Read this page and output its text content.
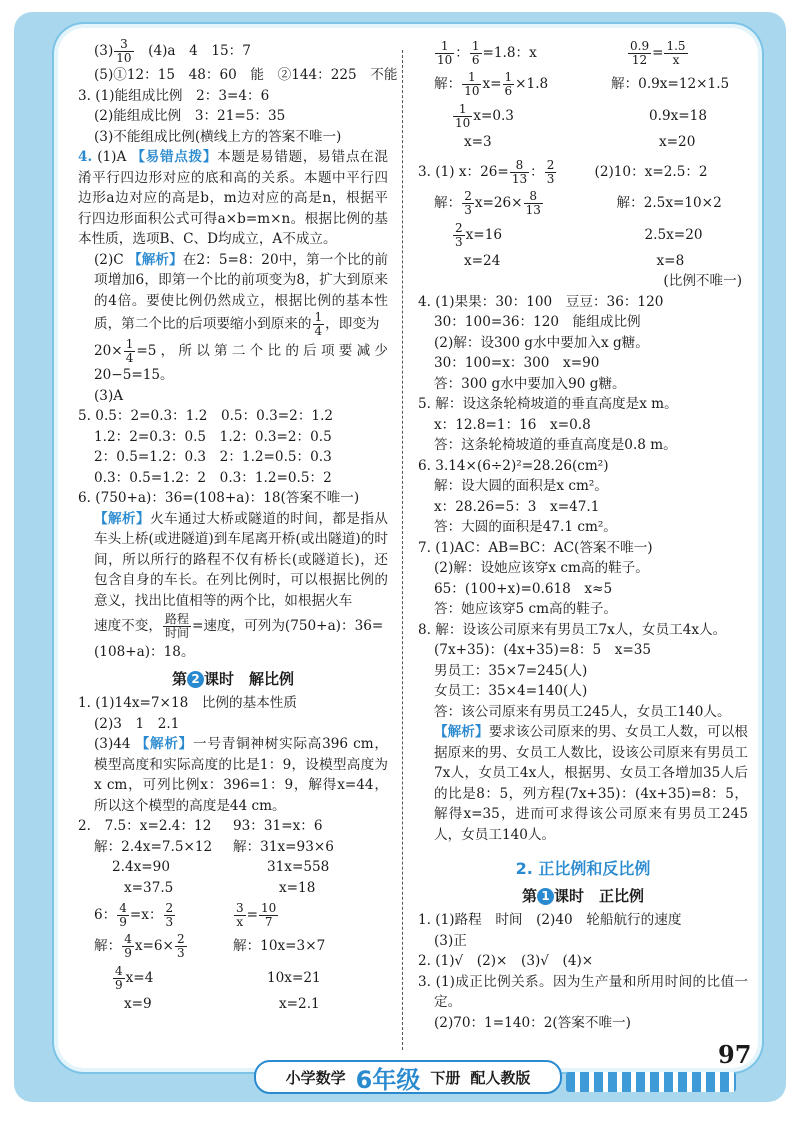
$(3) \frac{3}{10}$ 　(4)a　4　15：7

(5)①12：15　48：60　能　②144：225　不能

3. (1)能组成比例　2：3=4：6

(2)能组成比例　3：21=5：35

(3)不能组成比例(横线上方的答案不唯一)

4. (1)A 【易错点拨】本题是易错题，易错点在混淆平行四边形对应的底和高的关系。本题中平行四边形a边对应的高是b，m边对应的高是n，根据平行四边形面积公式可得a×b=m×n。根据比例的基本性质，选项B、C、D均成立，A不成立。

(2)C 【解析】在2：5=8：20中，第一个比的前项增加6，即第一个比的前项变为8，扩大到原来的4倍。要使比例仍然成立，根据比例的基本性质，第二个比的后项要缩小到原来的 $\frac{1}{4}$ ，即变为

$20\times \frac{1}{4} =5$，所以第二个比的后项要减少20−5=15。

(3)A

5. 0.5：2=0.3：1.2　0.5：0.3=2：1.2

1.2：2=0.3：0.5　1.2：0.3=2：0.5

2：0.5=1.2：0.3　2：1.2=0.5：0.3

0.3：0.5=1.2：2　0.3：1.2=0.5：2

6. (750+a)：36=(108+a)：18(答案不唯一)

【解析】火车通过大桥或隧道的时间，都是指从车头上桥(或进隧道)到车尾离开桥(或出隧道)的时间，所以所行的路程不仅有桥长(或隧道长)，还包含自身的车长。在列比例时，可以根据比例的意义，找出比值相等的两个比，如根据火车

速度不变， $\frac{\text{路程}}{\text{时间}}$ =速度，可列为(750+a)：36=

(108+a)：18。

第 2 课时　解比例

1. (1)14x=7×18　比例的基本性质

(2)3　1　2.1

(3)44 【解析】一号青铜神树实际高396 cm，模型高度和实际高度的比是1：9，设模型高度为x cm，可列比例x：396=1：9，解得x=44，所以这个模型的高度是44 cm。

2.　7.5：x=2.4：12

解：2.4x=7.5×12

2.4x=90

x=37.5

93：31=x：6

解：31x=93×6

31x=558

x=18

6： $\frac{4}{9} =x$： $\frac{2}{3}$

解： $\frac{4}{9} x=6\times \frac{2}{3}$

$\frac{4}{9} x=4$

x=9

$\frac{3}{x} = \frac{10}{7}$

解：10x=3×7

10x=21

x=2.1

$\frac{1}{10}$ ： $\frac{1}{6} =1.8$：x

解： $\frac{1}{10} x= \frac{1}{6} \times 1.8$

$\frac{1}{10} x=0.3$

x=3

$\frac{0.9}{12} = \frac{1.5}{x}$

解：0.9x=12×1.5

0.9x=18

x=20

3. (1) x：$26= \frac{8}{13}$ ： $\frac{2}{3}$

解： $\frac{2}{3} x=26\times \frac{8}{13}$

$\frac{2}{3} x=16$

x=24

(2)10：x=2.5：2

解：2.5x=10×2

2.5x=20

x=8

(比例不唯一)

4. (1)果果：30：100　豆豆：36：120

30：100=36：120　能组成比例

(2)解：设300 g水中要加入x g糖。

30：100=x：300　x=90

答：300 g水中要加入90 g糖。

5. 解：设这条轮椅坡道的垂直高度是x m。

x：12.8=1：16　x=0.8

答：这条轮椅坡道的垂直高度是0.8 m。

6. 3.14×(6÷2)²=28.26(cm²)

解：设大圆的面积是x cm²。

x：28.26=5：3　x=47.1

答：大圆的面积是47.1 cm²。

7. (1)AC：AB=BC：AC(答案不唯一)

(2)解：设她应该穿x cm高的鞋子。

65：(100+x)=0.618　x≈5

答：她应该穿5 cm高的鞋子。

8. 解：设该公司原来有男员工7x人，女员工4x人。

(7x+35)：(4x+35)=8：5　x=35

男员工：35×7=245(人)

女员工：35×4=140(人)

答：该公司原来有男员工245人，女员工140人。

【解析】要求该公司原来的男、女员工人数，可以根据原来的男、女员工人数比，设该公司原来有男员工7x人，女员工4x人，根据男、女员工各增加35人后的比是8：5，列方程(7x+35)：(4x+35)=8：5，解得x=35，进而可求得该公司原来有男员工245人，女员工140人。

2. 正比例和反比例
第 1 课时　正比例

1. (1)路程　时间　(2)40　轮船航行的速度

(3)正

2. (1)√　(2)×　(3)√　(4)×

3. (1)成正比例关系。因为生产量和所用时间的比值一定。

(2)70：1=140：2(答案不唯一)

小学数学 6年级 下册 配人教版
97
